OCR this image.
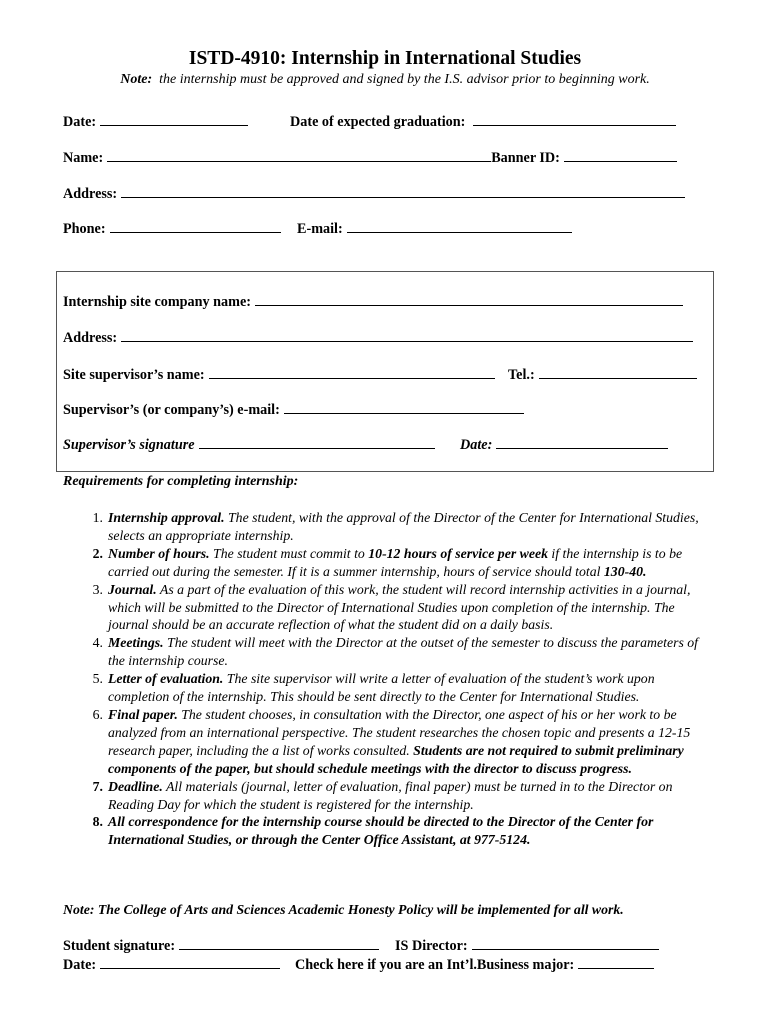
ISTD-4910: Internship in International Studies
Note: the internship must be approved and signed by the I.S. advisor prior to beginning work.
Date:	Date of expected graduation:
Name:	Banner ID:
Address:
Phone:	E-mail:
Internship site company name:
Address:
Site supervisor’s name:	Tel.:
Supervisor’s (or company’s) e-mail:
Supervisor’s signature	Date:
Requirements for completing internship:
1. Internship approval. The student, with the approval of the Director of the Center for International Studies, selects an appropriate internship.
2. Number of hours. The student must commit to 10-12 hours of service per week if the internship is to be carried out during the semester. If it is a summer internship, hours of service should total 130-40.
3. Journal. As a part of the evaluation of this work, the student will record internship activities in a journal, which will be submitted to the Director of International Studies upon completion of the internship. The journal should be an accurate reflection of what the student did on a daily basis.
4. Meetings. The student will meet with the Director at the outset of the semester to discuss the parameters of the internship course.
5. Letter of evaluation. The site supervisor will write a letter of evaluation of the student’s work upon completion of the internship. This should be sent directly to the Center for International Studies.
6. Final paper. The student chooses, in consultation with the Director, one aspect of his or her work to be analyzed from an international perspective. The student researches the chosen topic and presents a 12-15 research paper, including the a list of works consulted. Students are not required to submit preliminary components of the paper, but should schedule meetings with the director to discuss progress.
7. Deadline. All materials (journal, letter of evaluation, final paper) must be turned in to the Director on Reading Day for which the student is registered for the internship.
8. All correspondence for the internship course should be directed to the Director of the Center for International Studies, or through the Center Office Assistant, at 977-5124.
Note: The College of Arts and Sciences Academic Honesty Policy will be implemented for all work.
Student signature:	IS Director:
Date:	Check here if you are an Int’l.Business major:
